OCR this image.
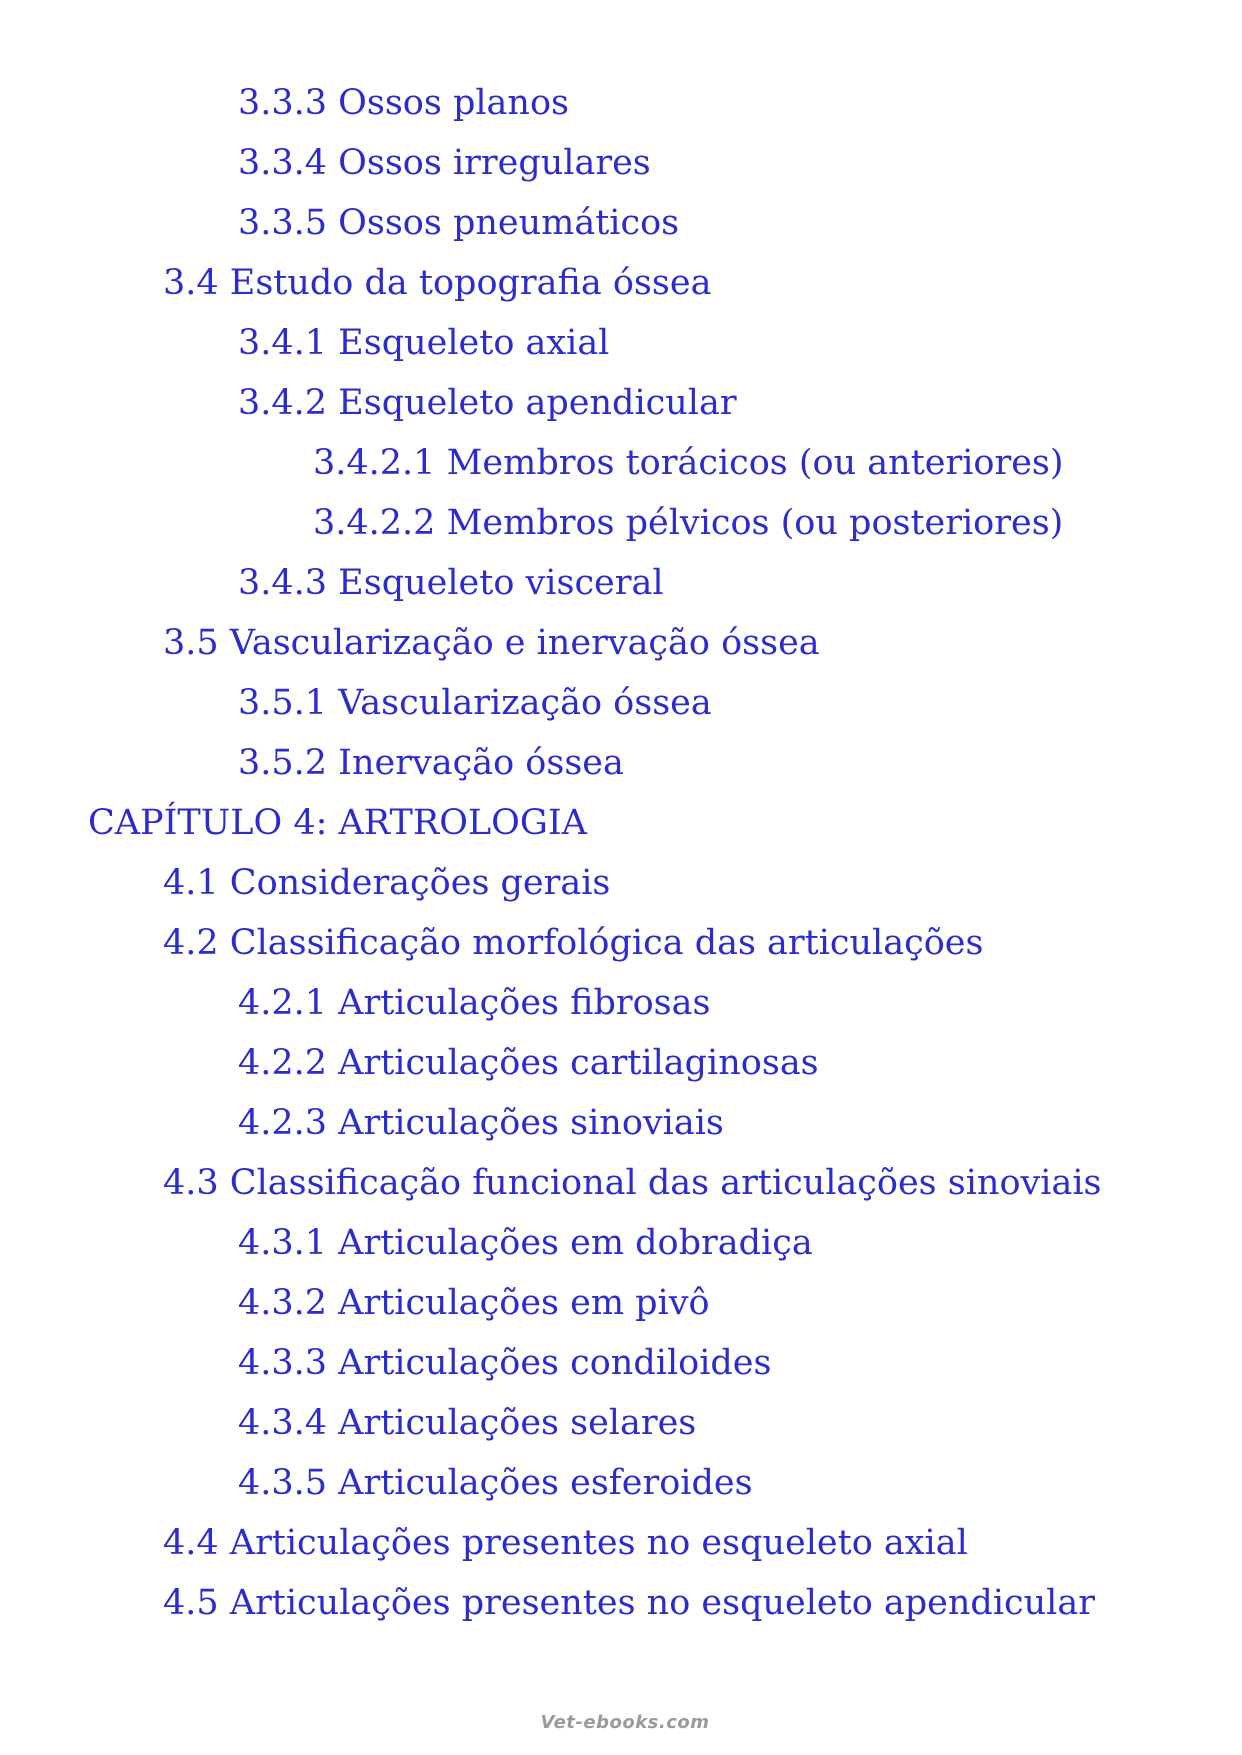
3.3.3 Ossos planos
3.3.4 Ossos irregulares
3.3.5 Ossos pneumáticos
3.4 Estudo da topografia óssea
3.4.1 Esqueleto axial
3.4.2 Esqueleto apendicular
3.4.2.1 Membros torácicos (ou anteriores)
3.4.2.2 Membros pélvicos (ou posteriores)
3.4.3 Esqueleto visceral
3.5 Vascularização e inervação óssea
3.5.1 Vascularização óssea
3.5.2 Inervação óssea
CAPÍTULO 4: ARTROLOGIA
4.1 Considerações gerais
4.2 Classificação morfológica das articulações
4.2.1 Articulações fibrosas
4.2.2 Articulações cartilaginosas
4.2.3 Articulações sinoviais
4.3 Classificação funcional das articulações sinoviais
4.3.1 Articulações em dobradiça
4.3.2 Articulações em pivô
4.3.3 Articulações condiloides
4.3.4 Articulações selares
4.3.5 Articulações esferoides
4.4 Articulações presentes no esqueleto axial
4.5 Articulações presentes no esqueleto apendicular
Vet-ebooks.com
